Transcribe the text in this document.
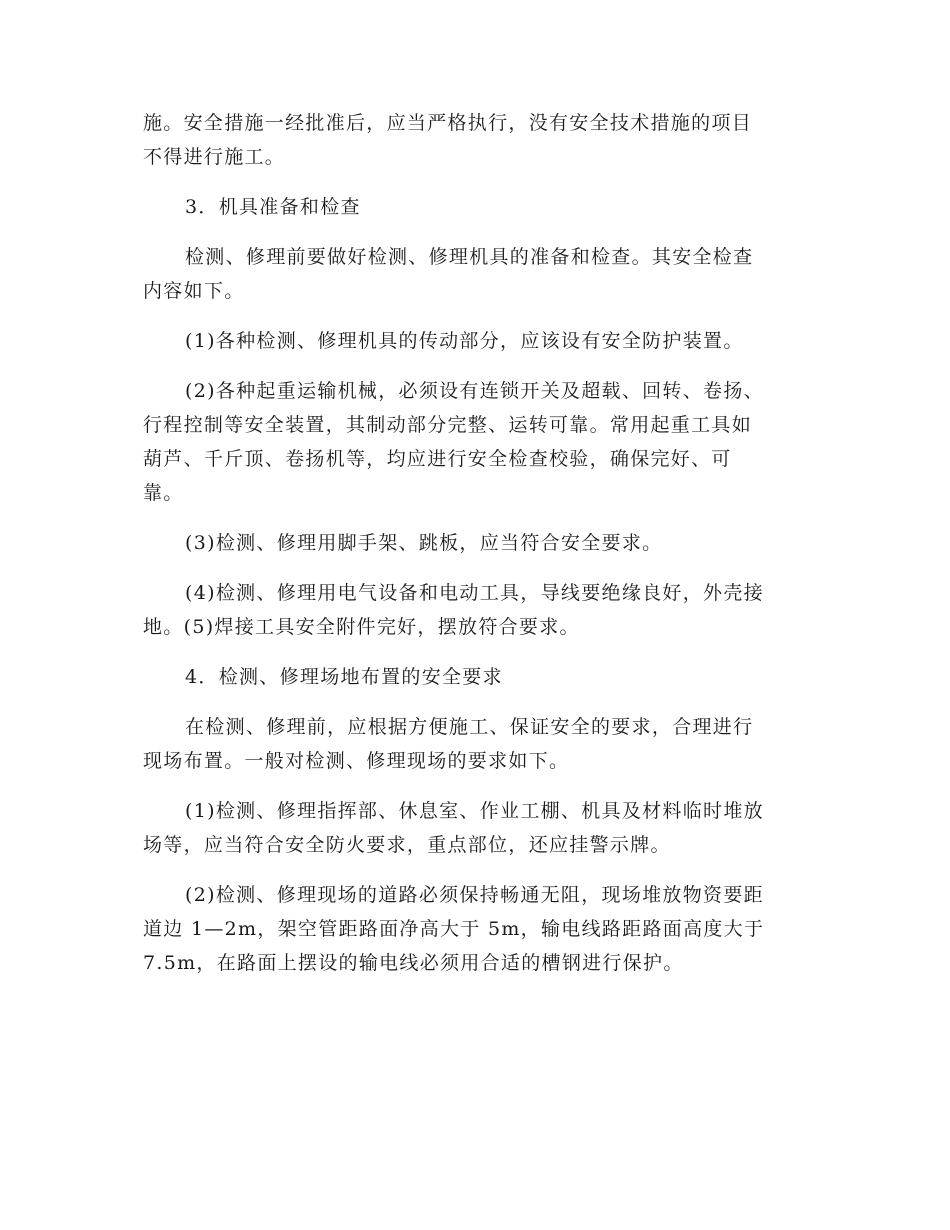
施。安全措施一经批准后，应当严格执行，没有安全技术措施的项目
不得进行施工。

3．机具准备和检查

检测、修理前要做好检测、修理机具的准备和检查。其安全检查
内容如下。

(1)各种检测、修理机具的传动部分，应该设有安全防护装置。

(2)各种起重运输机械，必须设有连锁开关及超载、回转、卷扬、
行程控制等安全装置，其制动部分完整、运转可靠。常用起重工具如
葫芦、千斤顶、卷扬机等，均应进行安全检查校验，确保完好、可
靠。

(3)检测、修理用脚手架、跳板，应当符合安全要求。

(4)检测、修理用电气设备和电动工具，导线要绝缘良好，外壳接
地。(5)焊接工具安全附件完好，摆放符合要求。

4．检测、修理场地布置的安全要求

在检测、修理前，应根据方便施工、保证安全的要求，合理进行
现场布置。一般对检测、修理现场的要求如下。

(1)检测、修理指挥部、休息室、作业工棚、机具及材料临时堆放
场等，应当符合安全防火要求，重点部位，还应挂警示牌。

(2)检测、修理现场的道路必须保持畅通无阻，现场堆放物资要距
道边 1—2m，架空管距路面净高大于 5m，输电线路距路面高度大于
7.5m，在路面上摆设的输电线必须用合适的槽钢进行保护。
